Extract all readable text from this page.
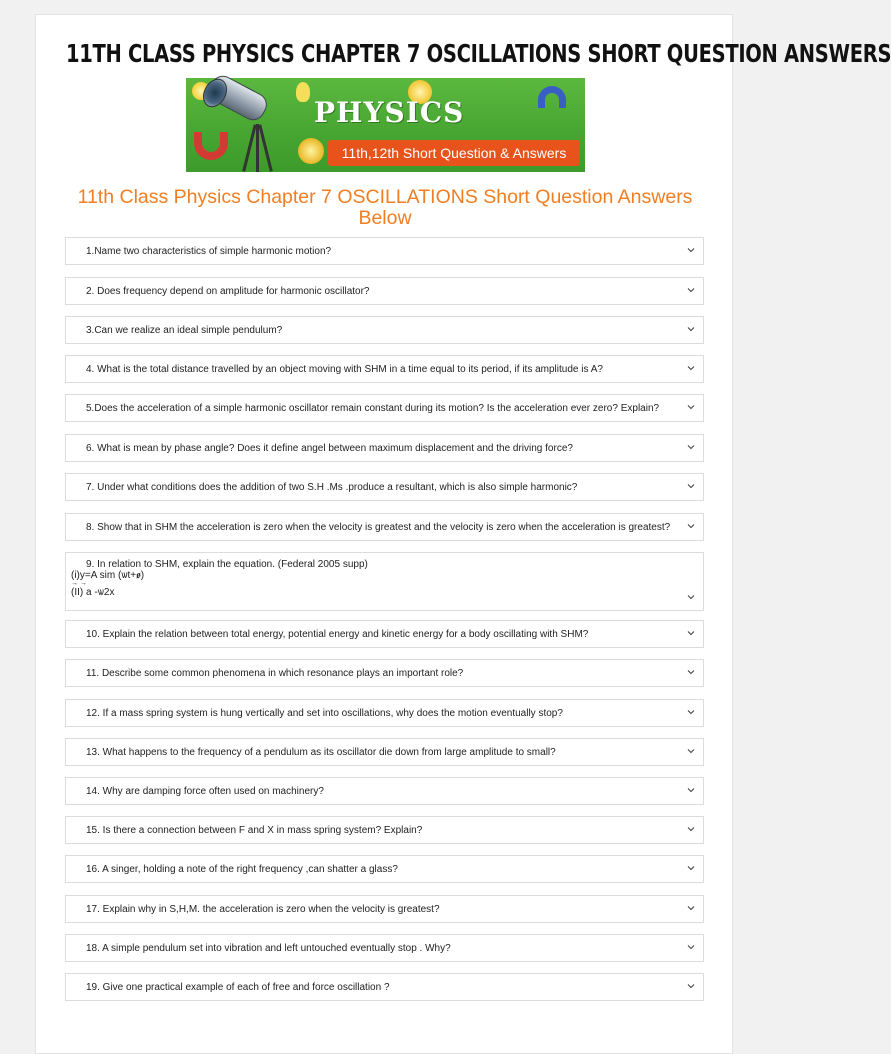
11TH CLASS PHYSICS CHAPTER 7 OSCILLATIONS SHORT QUESTION ANSWERS
PHYSICS
11th,12th Short Question & Answers
11th Class Physics Chapter 7 OSCILLATIONS Short Question Answers Below
1.Name two characteristics of simple harmonic motion?
2. Does frequency depend on amplitude for harmonic oscillator?
3.Can we realize an ideal simple pendulum?
4. What is the total distance travelled by an object moving with SHM in a time equal to its period, if its amplitude is A?
5.Does the acceleration of a simple harmonic oscillator remain constant during its motion? Is the acceleration ever zero? Explain?
6. What is mean by phase angle? Does it define angel between maximum displacement and the driving force?
7. Under what conditions does the addition of two S.H .Ms .produce a resultant, which is also simple harmonic?
8. Show that in SHM the acceleration is zero when the velocity is greatest and the velocity is zero when the acceleration is greatest?
9. In relation to SHM, explain the equation. (Federal 2005 supp)
(i)y=A sim (ѡt+ꬾ)
→ →
(II) a -ѡ2x
10. Explain the relation between total energy, potential energy and kinetic energy for a body oscillating with SHM?
11. Describe some common phenomena in which resonance plays an important role?
12. If a mass spring system is hung vertically and set into oscillations, why does the motion eventually stop?
13. What happens to the frequency of a pendulum as its oscillator die down from large amplitude to small?
14. Why are damping force often used on machinery?
15. Is there a connection between F and X in mass spring system? Explain?
16. A singer, holding a note of the right frequency ,can shatter a glass?
17. Explain why in S,H,M. the acceleration is zero when the velocity is greatest?
18. A simple pendulum set into vibration and left untouched eventually stop . Why?
19. Give one practical example of each of free and force oscillation ?
